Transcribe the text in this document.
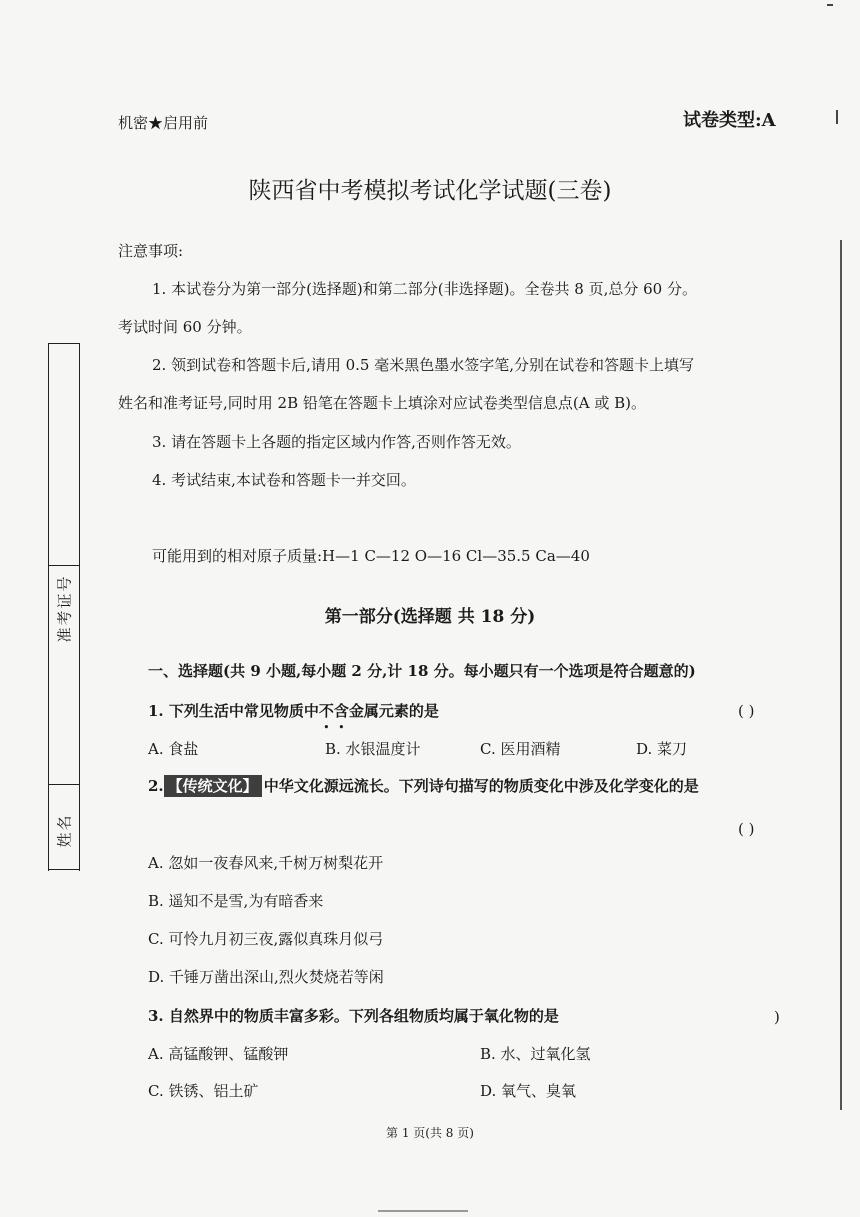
机密★启用前	试卷类型:A
陕西省中考模拟考试化学试题(三卷)
注意事项:
1. 本试卷分为第一部分(选择题)和第二部分(非选择题)。全卷共 8 页,总分 60 分。
考试时间 60 分钟。
2. 领到试卷和答题卡后,请用 0.5 毫米黑色墨水签字笔,分别在试卷和答题卡上填写
姓名和准考证号,同时用 2B 铅笔在答题卡上填涂对应试卷类型信息点(A 或 B)。
3. 请在答题卡上各题的指定区域内作答,否则作答无效。
4. 考试结束,本试卷和答题卡一并交回。
可能用到的相对原子质量:H—1 C—12 O—16 Cl—35.5 Ca—40
准考证号
姓名
第一部分(选择题 共 18 分)
一、选择题(共 9 小题,每小题 2 分,计 18 分。每小题只有一个选项是符合题意的)
1. 下列生活中常见物质中不含金属元素的是	( )
A. 食盐	B. 水银温度计	C. 医用酒精	D. 菜刀
2. 【传统文化】 中华文化源远流长。下列诗句描写的物质变化中涉及化学变化的是
( )
A. 忽如一夜春风来,千树万树梨花开
B. 遥知不是雪,为有暗香来
C. 可怜九月初三夜,露似真珠月似弓
D. 千锤万凿出深山,烈火焚烧若等闲
3. 自然界中的物质丰富多彩。下列各组物质均属于氧化物的是	)
A. 高锰酸钾、锰酸钾	B. 水、过氧化氢
C. 铁锈、铝土矿	D. 氧气、臭氧
第 1 页(共 8 页)
